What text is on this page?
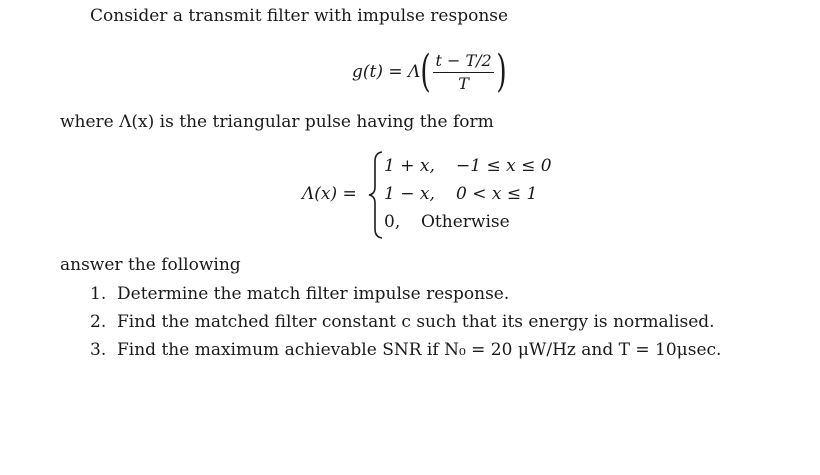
Consider a transmit filter with impulse response
g(t) = Λ ( $\frac{t - T/2}{T}$ )
where Λ(x) is the triangular pulse having the form
Λ(x) =
1 + x, −1 ≤ x ≤ 0
1 − x, 0 < x ≤ 1
0, Otherwise
answer the following
1. Determine the match filter impulse response.
2. Find the matched filter constant c such that its energy is normalised.
3. Find the maximum achievable SNR if N₀ = 20 μW/Hz and T = 10μsec.
